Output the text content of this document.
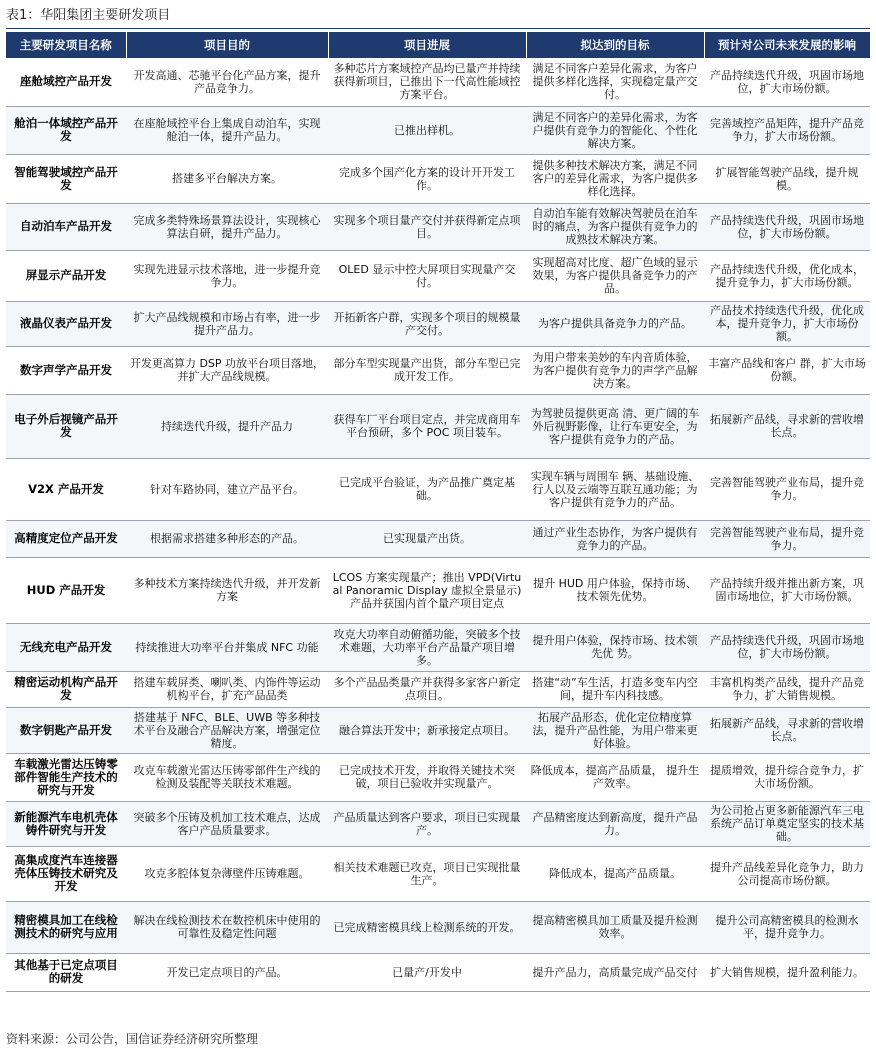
表1：华阳集团主要研发项目
主要研发项目名称	项目目的	项目进展	拟达到的目标	预计对公司未来发展的影响
座舱域控产品开发	开发高通、芯驰平台化产品方案，提升产品竞争力。	多种芯片方案域控产品均已量产并持续获得新项目，已推出下一代高性能域控方案平台。	满足不同客户差异化需求，为客户提供多样化选择，实现稳定量产交付。	产品持续迭代升级，巩固市场地位，扩大市场份额。
舱泊一体域控产品开发	在座舱域控平台上集成自动泊车，实现舱泊一体，提升产品力。	已推出样机。	满足不同客户的差异化需求，为客户提供有竞争力的智能化、个性化解决方案。	完善域控产品矩阵，提升产品竞争力，扩大市场份额。
智能驾驶域控产品开发	搭建多平台解决方案。	完成多个国产化方案的设计开开发工作。	提供多种技术解决方案，满足不同客户的差异化需求，为客户提供多样化选择。	扩展智能驾驶产品线，提升规模。
自动泊车产品开发	完成多类特殊场景算法设计，实现核心算法自研，提升产品力。	实现多个项目量产交付并获得新定点项目。	自动泊车能有效解决驾驶员在泊车时的痛点，为客户提供有竞争力的成熟技术解决方案。	产品持续迭代升级，巩固市场地位，扩大市场份额。
屏显示产品开发	实现先进显示技术落地，进一步提升竞争力。	OLED 显示中控大屏项目实现量产交付。	实现超高对比度、超广色域的显示效果，为客户提供具备竞争力的产品。	产品持续迭代升级，优化成本，提升竞争力，扩大市场份额。
液晶仪表产品开发	扩大产品线规模和市场占有率，进一步提升产品力。	开拓新客户群，实现多个项目的规模量产交付。	为客户提供具备竞争力的产品。	产品技术持续迭代升级，优化成本，提升竞争力，扩大市场份额。
数字声学产品开发	开发更高算力 DSP 功放平台项目落地，并扩大产品线规模。	部分车型实现量产出货，部分车型已完成开发工作。	为用户带来美妙的车内音质体验，为客户提供有竞争力的声学产品解决方案。	丰富产品线和客户 群，扩大市场份额。
电子外后视镜产品开发	持续迭代升级，提升产品力	获得车厂平台项目定点，并完成商用车平台预研，多个 POC 项目装车。	为驾驶员提供更高 清、更广阔的车外后视野影像，让行车更安全，为客户提供有竞争力的产品。	拓展新产品线，寻求新的营收增长点。
V2X 产品开发	针对车路协同，建立产品平台。	已完成平台验证，为产品推广奠定基础。	实现车辆与周围车 辆、基础设施、行人以及云端等互联互通功能；为客户提供有竞争力的产品。	完善智能驾驶产业布局，提升竞争力。
高精度定位产品开发	根据需求搭建多种形态的产品。	已实现量产出货。	通过产业生态协作，为客户提供有竞争力的产品。	完善智能驾驶产业布局，提升竞争力。
HUD 产品开发	多种技术方案持续迭代升级，并开发新方案	LCOS 方案实现量产；推出 VPD(Virtual Panoramic Display 虚拟全景显示) 产品并获国内首个量产项目定点	提升 HUD 用户体验，保持市场、技术领先优势。	产品持续升级并推出新方案，巩固市场地位，扩大市场份额。
无线充电产品开发	持续推进大功率平台并集成 NFC 功能	攻克大功率自动俯循功能，突破多个技术难题，大功率平台产品量产项目增多。	提升用户体验，保持市场、技术领先优 势。	产品持续迭代升级，巩固市场地位，扩大市场份额。
精密运动机构产品开发	搭建车载屏类、喇叭类、内饰件等运动机构平台，扩充产品品类	多个产品品类量产并获得多家客户新定点项目。	搭建“动”车生活，打造多变车内空间，提升车内科技感。	丰富机构类产品线，提升产品竞争力，扩大销售规模。
数字钥匙产品开发	搭建基于 NFC、BLE、UWB 等多种技术平台及融合产品解决方案，增强定位精度。	融合算法开发中；新承接定点项目。	拓展产品形态，优化定位精度算法，提升产品性能，为用户带来更好体验。	拓展新产品线，寻求新的营收增长点。
车载激光雷达压铸零部件智能生产技术的研究与开发	攻克车载激光雷达压铸零部件生产线的检测及装配等关联技术难题。	已完成技术开发，并取得关键技术突破，项目已验收并实现量产。	降低成本，提高产品质量， 提升生产效率。	提质增效，提升综合竞争力，扩大市场份额。
新能源汽车电机壳体铸件研究与开发	突破多个压铸及机加工技术难点，达成客户产品质量要求。	产品质量达到客户要求，项目已实现量产。	产品精密度达到新高度，提升产品力。	为公司抢占更多新能源汽车三电系统产品订单奠定坚实的技术基础。
高集成度汽车连接器壳体压铸技术研究及开发	攻克多腔体复杂薄壁件压铸难题。	相关技术难题已攻克，项目已实现批量生产。	降低成本，提高产品质量。	提升产品线差异化竞争力，助力公司提高市场份额。
精密模具加工在线检测技术的研究与应用	解决在线检测技术在数控机床中使用的可靠性及稳定性问题	已完成精密模具线上检测系统的开发。	提高精密模具加工质量及提升检测效率。	提升公司高精密模具的检测水平，提升竞争力。
其他基于已定点项目的研发	开发已定点项目的产品。	已量产/开发中	提升产品力，高质量完成产品交付	扩大销售规模，提升盈利能力。
资料来源：公司公告，国信证券经济研究所整理
